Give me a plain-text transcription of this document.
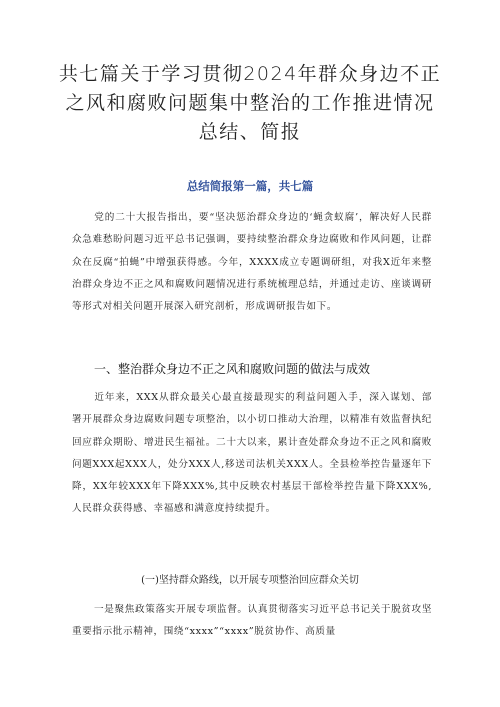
共七篇关于学习贯彻2024年群众身边不正
之风和腐败问题集中整治的工作推进情况
总结、简报
总结简报第一篇，共七篇
党的二十大报告指出，要“坚决惩治群众身边的‘蝇贪蚁腐’，解决好人民群众急难愁盼问题习近平总书记强调，要持续整治群众身边腐败和作风问题，让群众在反腐“拍蝇”中增强获得感。今年，XXXX成立专题调研组，对我X近年来整治群众身边不正之风和腐败问题情况进行系统梳理总结，并通过走访、座谈调研等形式对相关问题开展深入研究剖析，形成调研报告如下。
一、整治群众身边不正之风和腐败问题的做法与成效
近年来，XXX从群众最关心最直接最现实的利益问题入手，深入谋划、部署开展群众身边腐败问题专项整治，以小切口推动大治理，以精准有效监督执纪回应群众期盼、增进民生福祉。二十大以来，累计查处群众身边不正之风和腐败问题XXX起XXX人，处分XXX人,移送司法机关XXX人。全县检举控告量逐年下降，XX年较XXX年下降XXX%,其中反映农村基层干部检举控告量下降XXX%,人民群众获得感、幸福感和满意度持续提升。
(一)坚持群众路线，以开展专项整治回应群众关切
一是聚焦政策落实开展专项监督。认真贯彻落实习近平总书记关于脱贫攻坚重要指示批示精神，围绕“xxxx”“xxxx”脱贫协作、高质量
